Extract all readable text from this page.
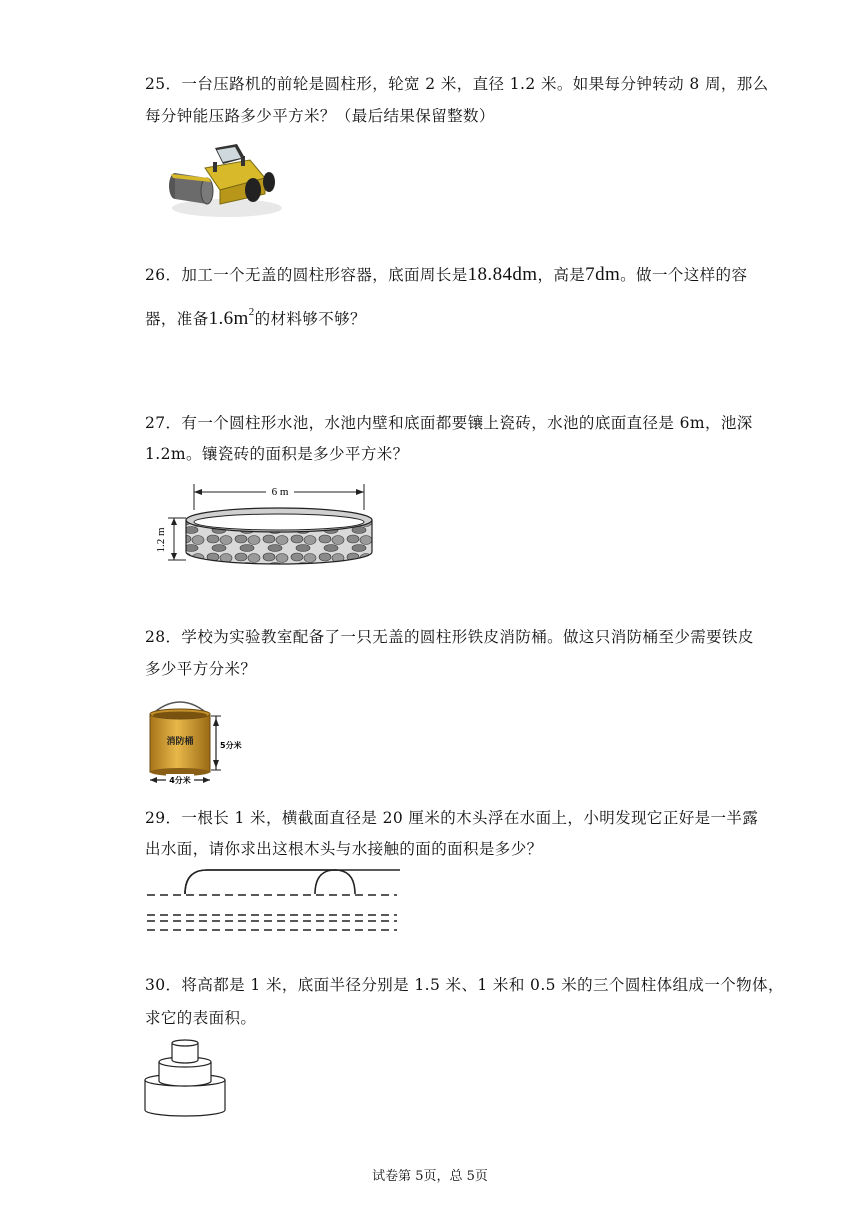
25．一台压路机的前轮是圆柱形，轮宽 2 米，直径 1.2 米。如果每分钟转动 8 周，那么
每分钟能压路多少平方米？（最后结果保留整数）
26．加工一个无盖的圆柱形容器，底面周长是18.84dm，高是7dm。做一个这样的容
器，准备$1.6m^2$的材料够不够？
27．有一个圆柱形水池，水池内壁和底面都要镶上瓷砖，水池的底面直径是 6m，池深
1.2m。镶瓷砖的面积是多少平方米？
6 m
1.2 m
28．学校为实验教室配备了一只无盖的圆柱形铁皮消防桶。做这只消防桶至少需要铁皮
多少平方分米？
消防桶	5分米
4分米
29．一根长 1 米，横截面直径是 20 厘米的木头浮在水面上，小明发现它正好是一半露
出水面，请你求出这根木头与水接触的面的面积是多少？
30．将高都是 1 米，底面半径分别是 1.5 米、1 米和 0.5 米的三个圆柱体组成一个物体，
求它的表面积。
试卷第 5页，总 5页
